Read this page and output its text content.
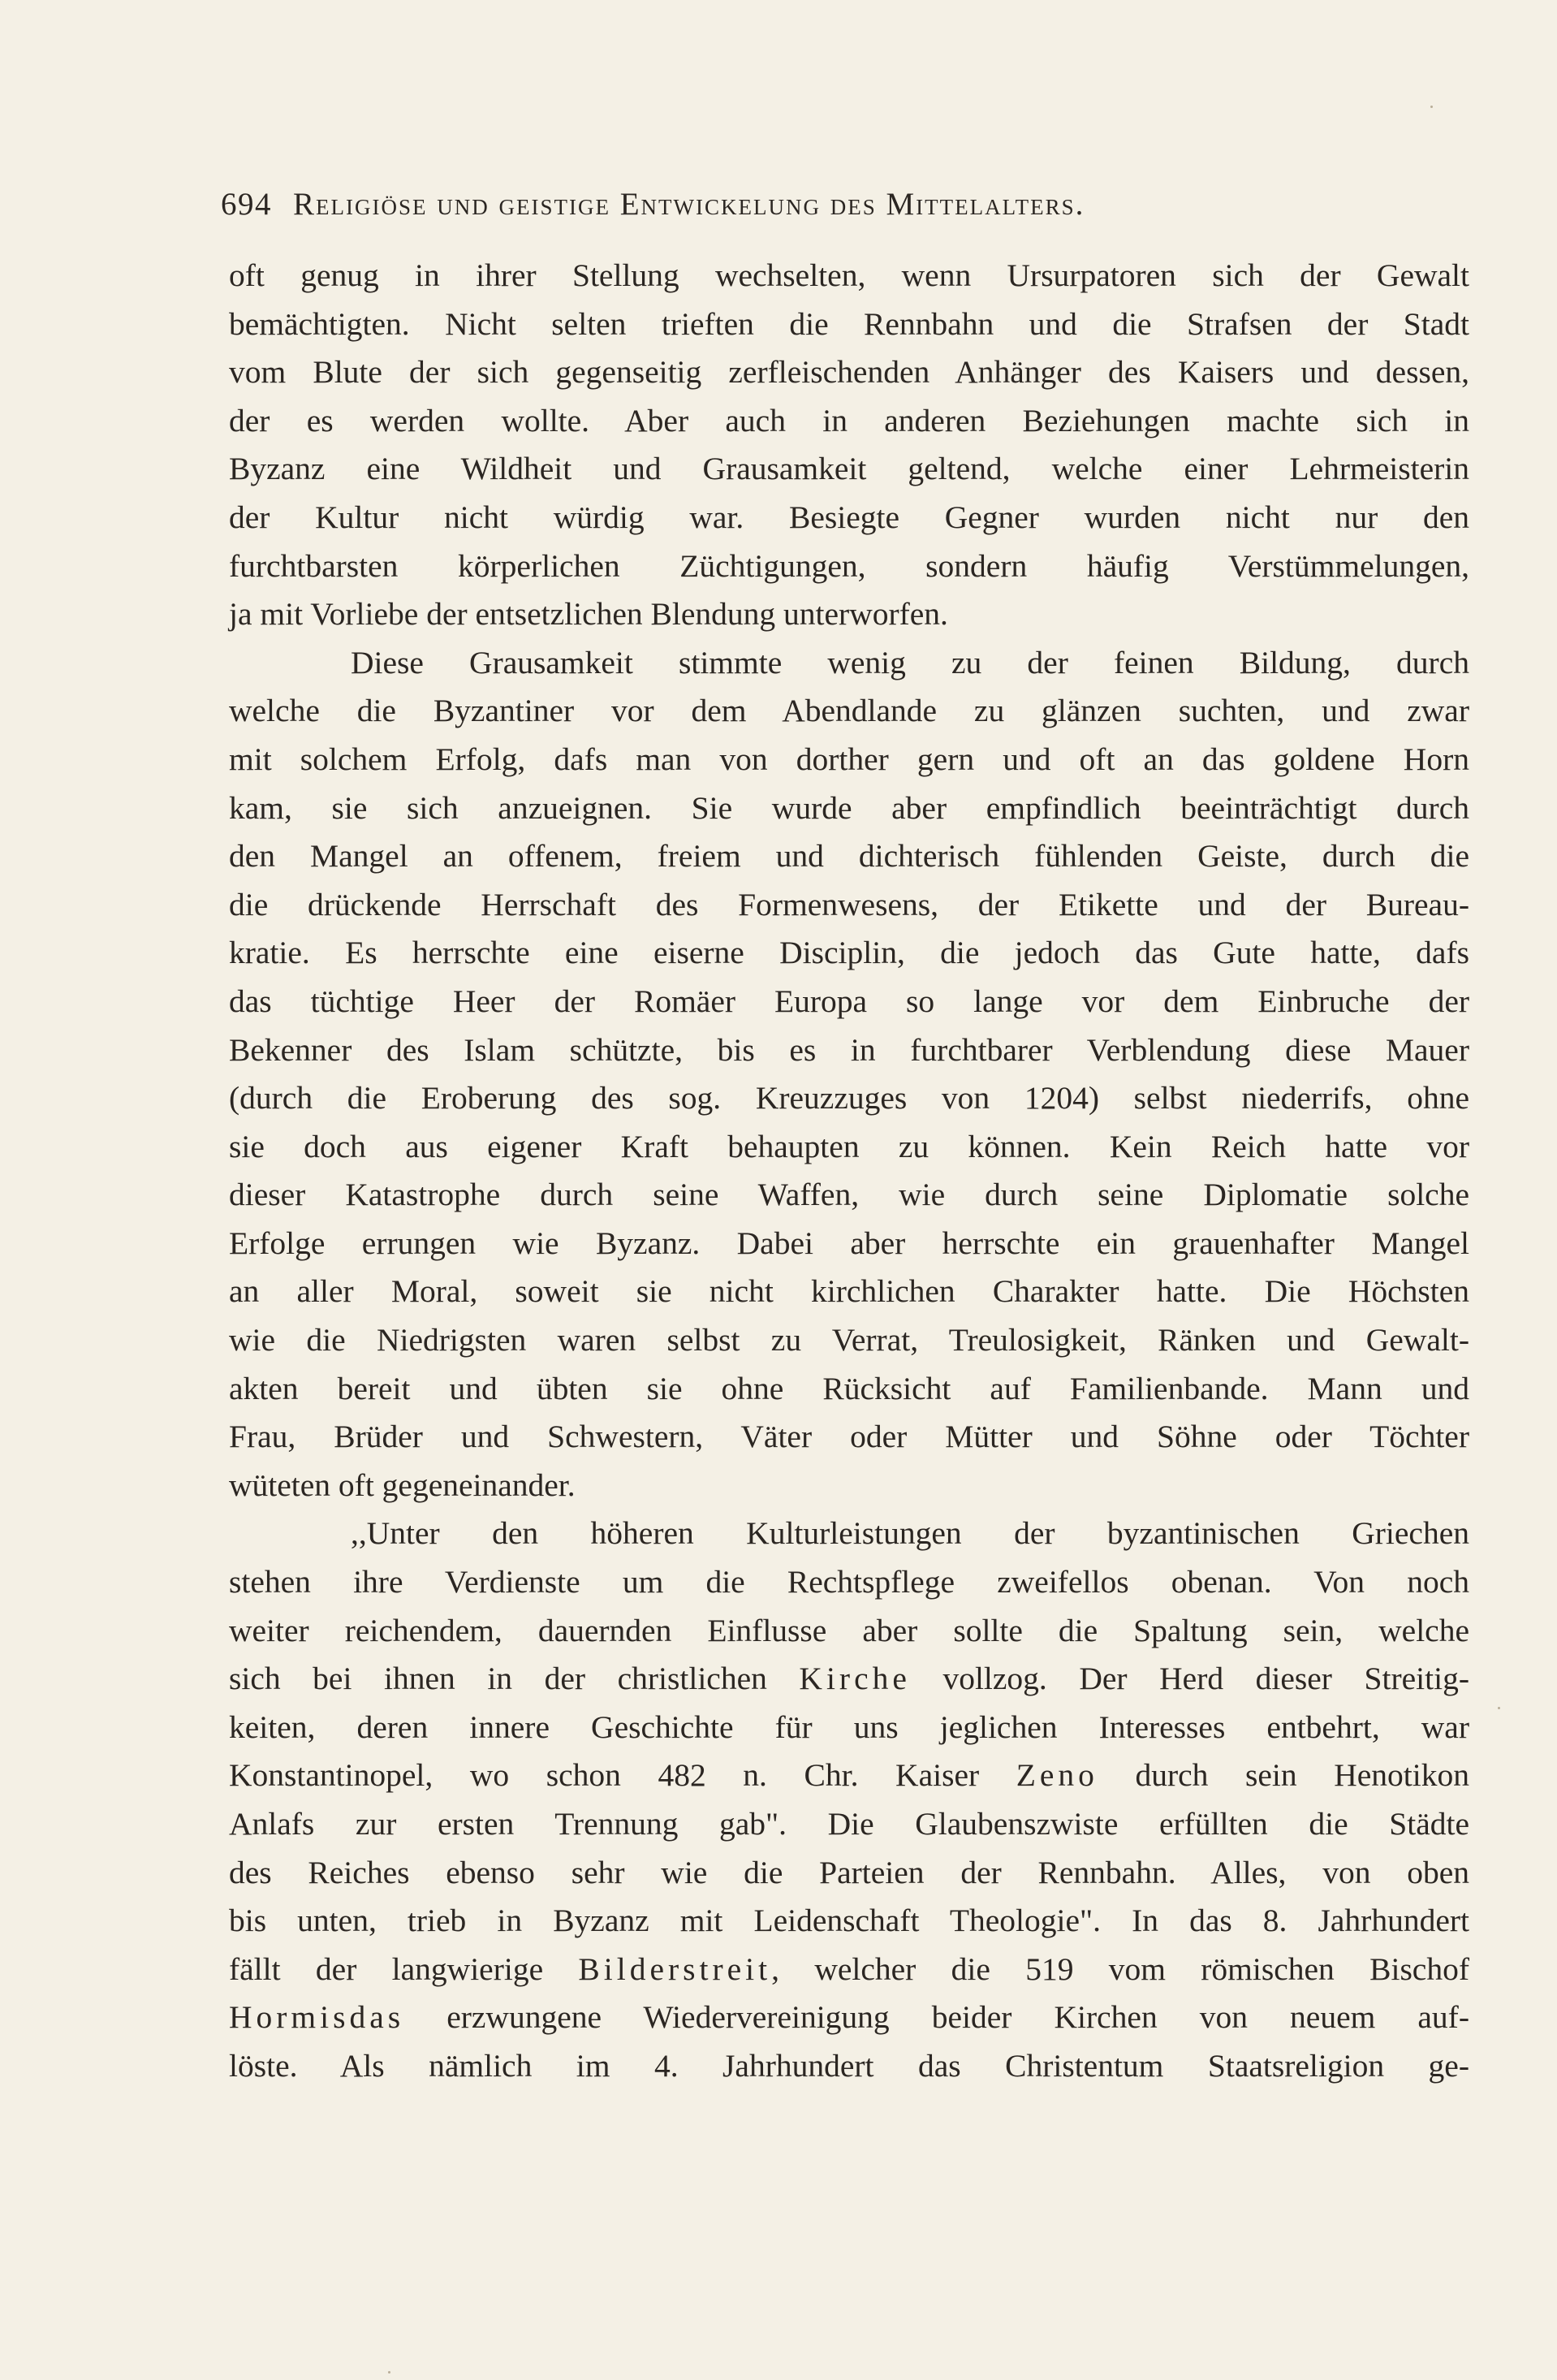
694 Religiöse und geistige Entwickelung des Mittelalters.
oft genug in ihrer Stellung wechselten, wenn Ursurpatoren sich der Gewalt
bemächtigten. Nicht selten trieften die Rennbahn und die Strafsen der Stadt
vom Blute der sich gegenseitig zerfleischenden Anhänger des Kaisers und dessen,
der es werden wollte. Aber auch in anderen Beziehungen machte sich in
Byzanz eine Wildheit und Grausamkeit geltend, welche einer Lehrmeisterin
der Kultur nicht würdig war. Besiegte Gegner wurden nicht nur den
furchtbarsten körperlichen Züchtigungen, sondern häufig Verstümmelungen,
ja mit Vorliebe der entsetzlichen Blendung unterworfen.
Diese Grausamkeit stimmte wenig zu der feinen Bildung, durch
welche die Byzantiner vor dem Abendlande zu glänzen suchten, und zwar
mit solchem Erfolg, dafs man von dorther gern und oft an das goldene Horn
kam, sie sich anzueignen. Sie wurde aber empfindlich beeinträchtigt durch
den Mangel an offenem, freiem und dichterisch fühlenden Geiste, durch die
die drückende Herrschaft des Formenwesens, der Etikette und der Bureau-
kratie. Es herrschte eine eiserne Disciplin, die jedoch das Gute hatte, dafs
das tüchtige Heer der Romäer Europa so lange vor dem Einbruche der
Bekenner des Islam schützte, bis es in furchtbarer Verblendung diese Mauer
(durch die Eroberung des sog. Kreuzzuges von 1204) selbst niederrifs, ohne
sie doch aus eigener Kraft behaupten zu können. Kein Reich hatte vor
dieser Katastrophe durch seine Waffen, wie durch seine Diplomatie solche
Erfolge errungen wie Byzanz. Dabei aber herrschte ein grauenhafter Mangel
an aller Moral, soweit sie nicht kirchlichen Charakter hatte. Die Höchsten
wie die Niedrigsten waren selbst zu Verrat, Treulosigkeit, Ränken und Gewalt-
akten bereit und übten sie ohne Rücksicht auf Familienbande. Mann und
Frau, Brüder und Schwestern, Väter oder Mütter und Söhne oder Töchter
wüteten oft gegeneinander.
,,Unter den höheren Kulturleistungen der byzantinischen Griechen
stehen ihre Verdienste um die Rechtspflege zweifellos obenan. Von noch
weiter reichendem, dauernden Einflusse aber sollte die Spaltung sein, welche
sich bei ihnen in der christlichen Kirche vollzog. Der Herd dieser Streitig-
keiten, deren innere Geschichte für uns jeglichen Interesses entbehrt, war
Konstantinopel, wo schon 482 n. Chr. Kaiser Zeno durch sein Henotikon
Anlafs zur ersten Trennung gab". Die Glaubenszwiste erfüllten die Städte
des Reiches ebenso sehr wie die Parteien der Rennbahn. Alles, von oben
bis unten, trieb in Byzanz mit Leidenschaft Theologie". In das 8. Jahrhundert
fällt der langwierige Bilderstreit, welcher die 519 vom römischen Bischof
Hormisdas erzwungene Wiedervereinigung beider Kirchen von neuem auf-
löste. Als nämlich im 4. Jahrhundert das Christentum Staatsreligion ge-
